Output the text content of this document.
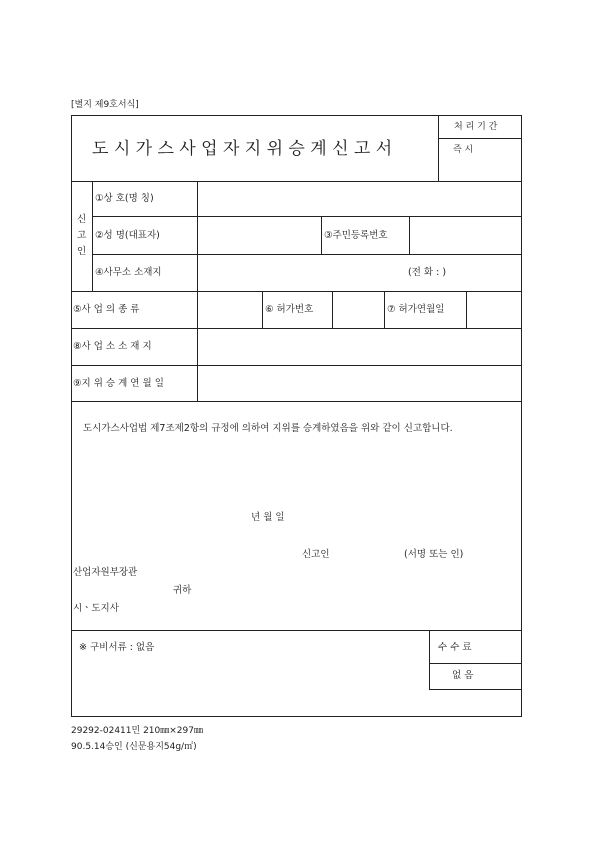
[별지 제9호서식]
도 시 가 스 사 업 자 지 위 승 계 신 고 서
처 리 기 간
즉 시
신
고
인
①상 호(명 칭)
②성 명(대표자)	③주민등록번호
④사무소 소재지	(전 화 : )
⑤사 업 의 종 류	⑥ 허가번호	⑦ 허가연월일
⑧사 업 소 소 재 지
⑨지 위 승 계 연 월 일
도시가스사업법 제7조제2항의 규정에 의하여 지위를 승계하였음을 위와 같이 신고합니다.
년 월 일
신고인	(서명 또는 인)
산업자원부장관
귀하
시ㆍ도지사
※ 구비서류 : 없음	수 수 료
없 음
29292-02411민 210㎜×297㎜
90.5.14승인 (신문용지54g/㎡)
